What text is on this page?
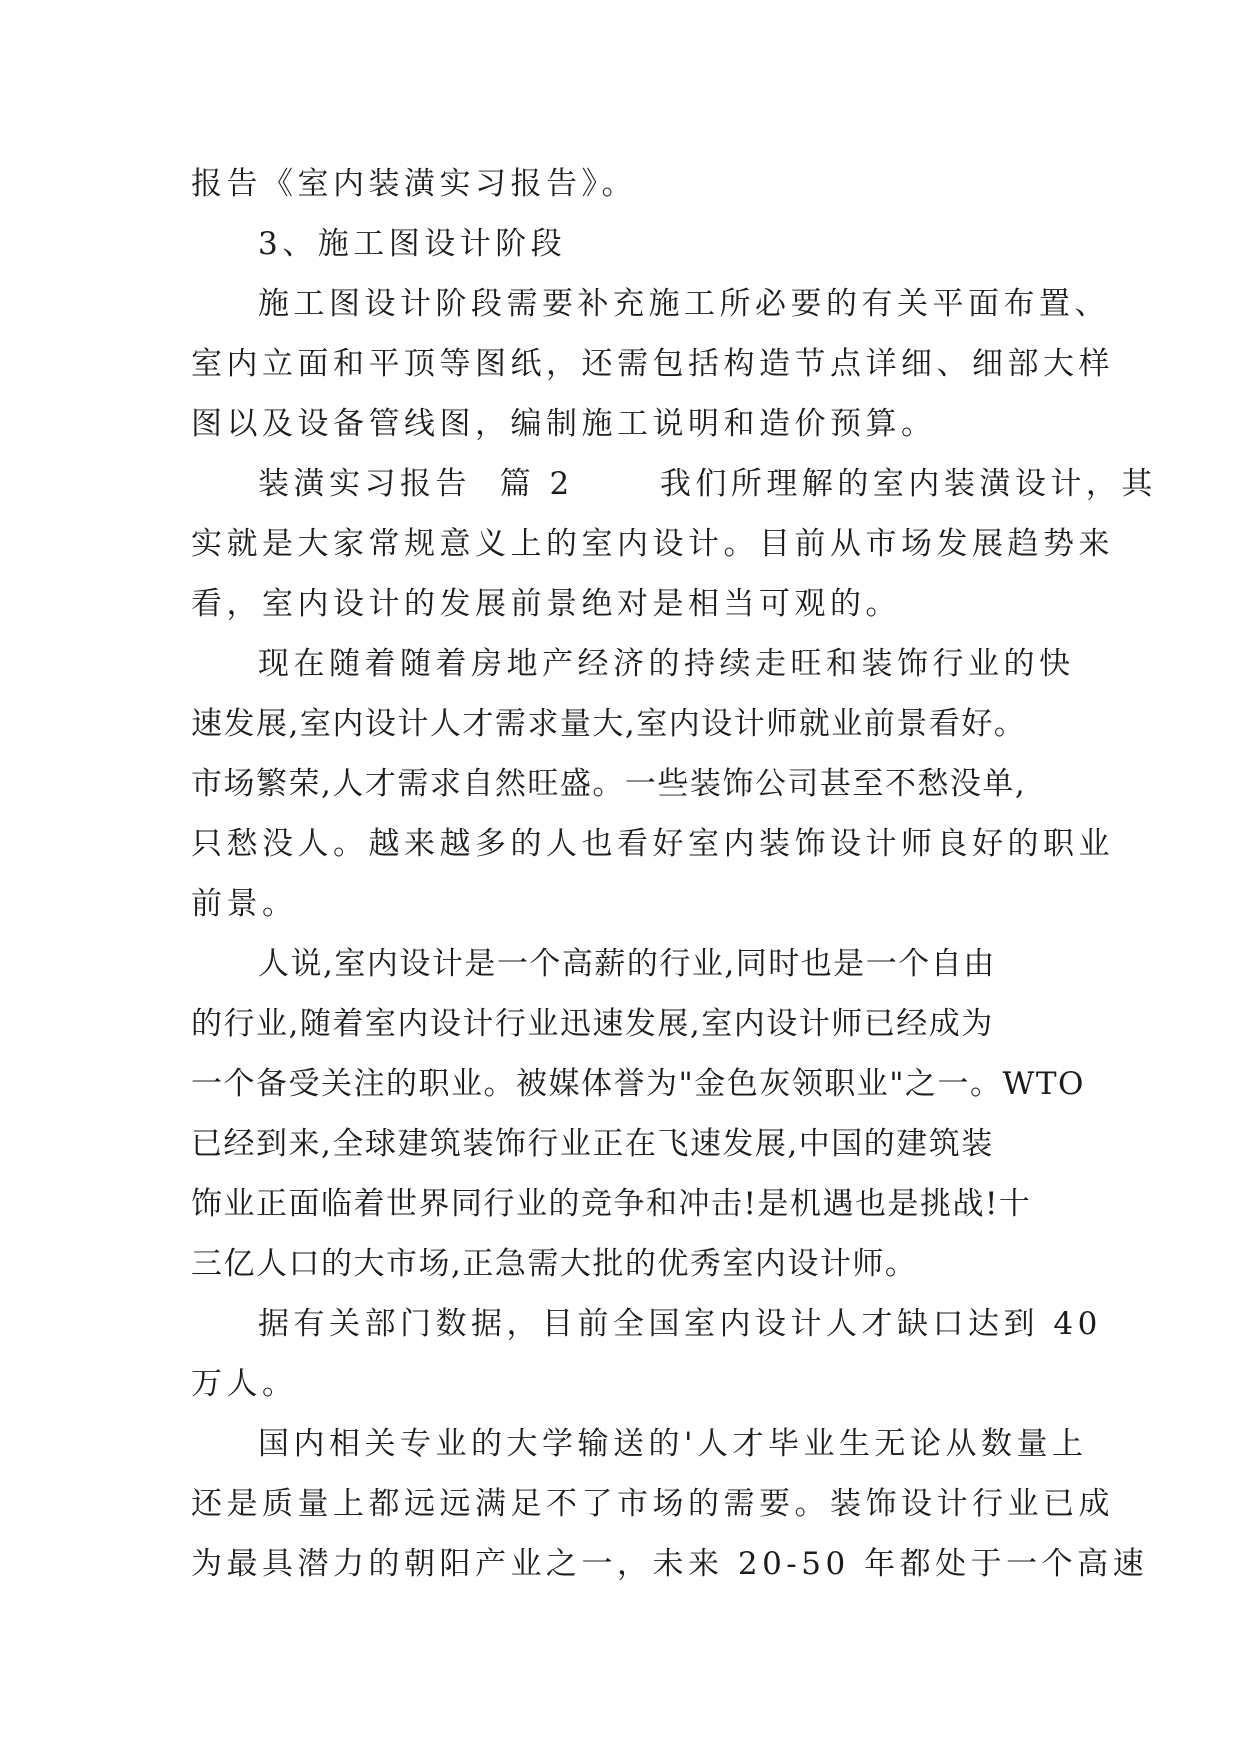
报告《室内装潢实习报告》。
3、施工图设计阶段
施工图设计阶段需要补充施工所必要的有关平面布置、
室内立面和平顶等图纸，还需包括构造节点详细、细部大样
图以及设备管线图，编制施工说明和造价预算。
装潢实习报告  篇 2      我们所理解的室内装潢设计，其
实就是大家常规意义上的室内设计。目前从市场发展趋势来
看，室内设计的发展前景绝对是相当可观的。
现在随着随着房地产经济的持续走旺和装饰行业的快
速发展,室内设计人才需求量大,室内设计师就业前景看好。
市场繁荣,人才需求自然旺盛。一些装饰公司甚至不愁没单,
只愁没人。越来越多的人也看好室内装饰设计师良好的职业
前景。
人说,室内设计是一个高薪的行业,同时也是一个自由
的行业,随着室内设计行业迅速发展,室内设计师已经成为
一个备受关注的职业。被媒体誉为"金色灰领职业"之一。WTO
已经到来,全球建筑装饰行业正在飞速发展,中国的建筑装
饰业正面临着世界同行业的竞争和冲击!是机遇也是挑战!十
三亿人口的大市场,正急需大批的优秀室内设计师。
据有关部门数据，目前全国室内设计人才缺口达到 40
万人。
国内相关专业的大学输送的'人才毕业生无论从数量上
还是质量上都远远满足不了市场的需要。装饰设计行业已成
为最具潜力的朝阳产业之一，未来 20-50 年都处于一个高速
